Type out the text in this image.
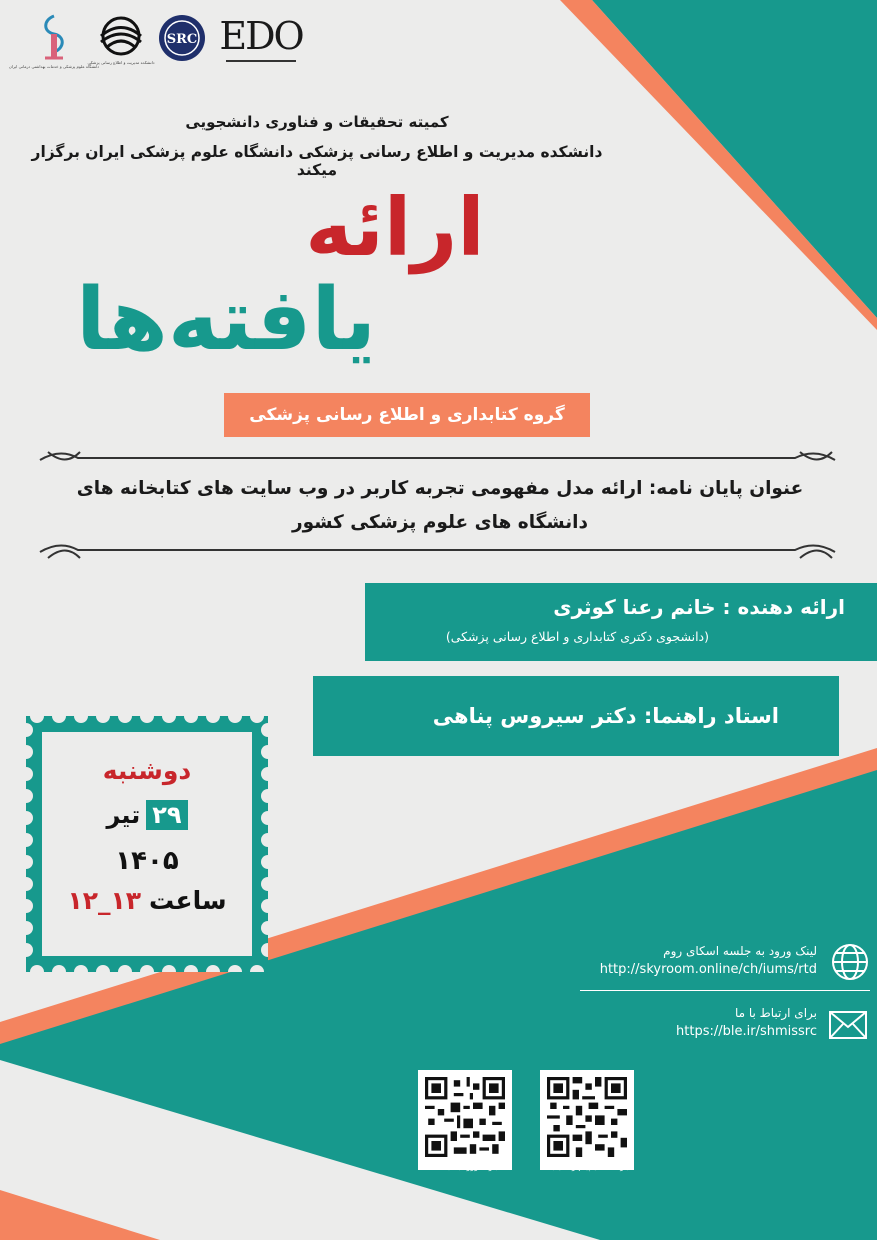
EDO
SRC
دانشکده مدیریت و اطلاع رسانی پزشکی
دانشگاه علوم پزشکی و خدمات بهداشتی درمانی ایران
کمیته تحقیقات و فناوری دانشجویی
دانشکده مدیریت و اطلاع رسانی پزشکی دانشگاه علوم پزشکی ایران برگزار میکند
ارائه
یافته‌ها
گروه کتابداری و اطلاع رسانی پزشکی
عنوان پایان نامه: ارائه مدل مفهومی تجربه کاربر در وب سایت های کتابخانه های
دانشگاه های علوم پزشکی کشور
ارائه دهنده : خانم رعنا کوثری
(دانشجوی دکتری کتابداری و اطلاع رسانی پزشکی)
استاد راهنما: دکتر سیروس پناهی
دوشنبه
۲۹
تیر
۱۴۰۵
ساعت
۱۳_۱۲
لینک ورود به جلسه اسکای روم
http://skyroom.online/ch/iums/rtd
برای ارتباط با ما
https://ble.ir/shmissrc
بارکد ورود به جلسه	بارکد کانال پیام رسان بله
